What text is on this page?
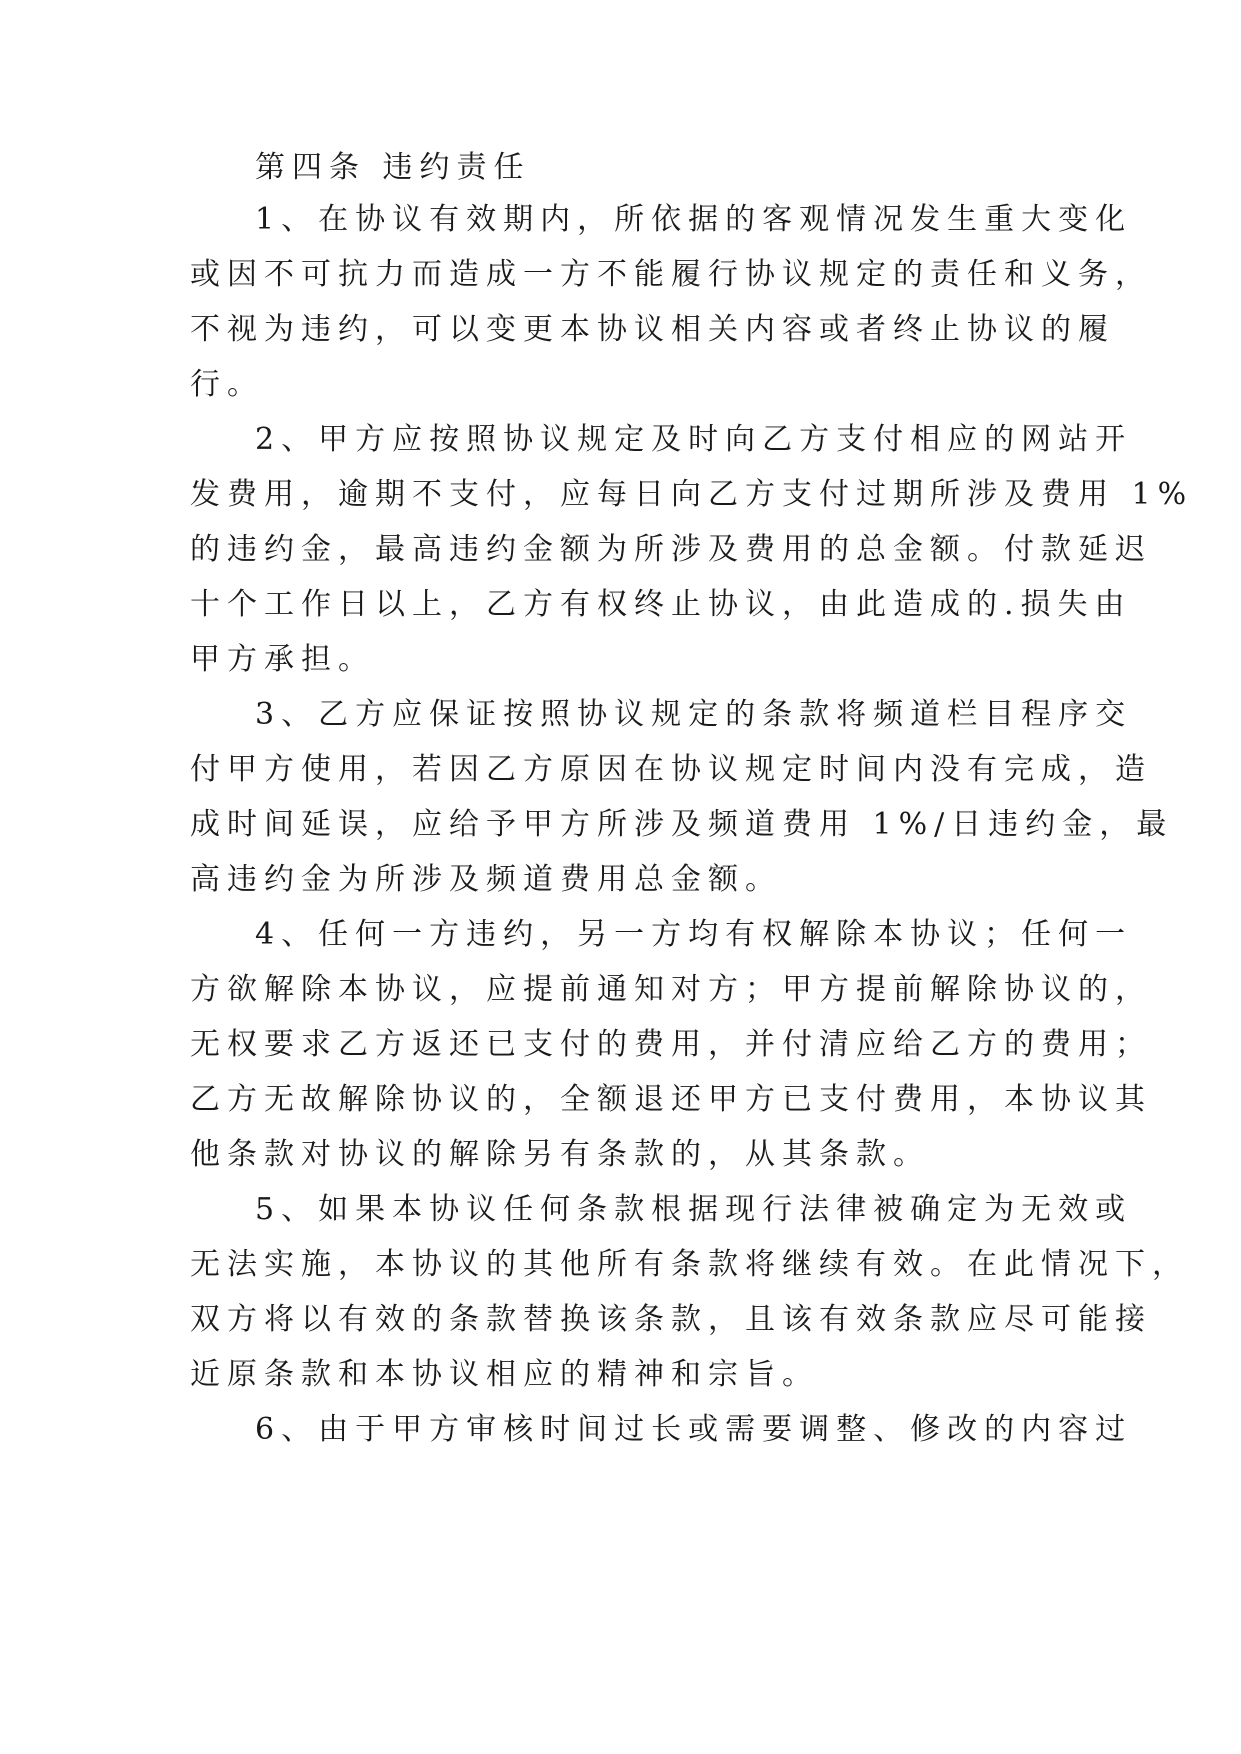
第四条 违约责任
1、在协议有效期内，所依据的客观情况发生重大变化
或因不可抗力而造成一方不能履行协议规定的责任和义务，
不视为违约，可以变更本协议相关内容或者终止协议的履
行。
2、甲方应按照协议规定及时向乙方支付相应的网站开
发费用，逾期不支付，应每日向乙方支付过期所涉及费用 1%
的违约金，最高违约金额为所涉及费用的总金额。付款延迟
十个工作日以上，乙方有权终止协议，由此造成的.损失由
甲方承担。
3、乙方应保证按照协议规定的条款将频道栏目程序交
付甲方使用，若因乙方原因在协议规定时间内没有完成，造
成时间延误，应给予甲方所涉及频道费用 1%/日违约金，最
高违约金为所涉及频道费用总金额。
4、任何一方违约，另一方均有权解除本协议；任何一
方欲解除本协议，应提前通知对方；甲方提前解除协议的，
无权要求乙方返还已支付的费用，并付清应给乙方的费用；
乙方无故解除协议的，全额退还甲方已支付费用，本协议其
他条款对协议的解除另有条款的，从其条款。
5、如果本协议任何条款根据现行法律被确定为无效或
无法实施，本协议的其他所有条款将继续有效。在此情况下，
双方将以有效的条款替换该条款，且该有效条款应尽可能接
近原条款和本协议相应的精神和宗旨。
6、由于甲方审核时间过长或需要调整、修改的内容过
